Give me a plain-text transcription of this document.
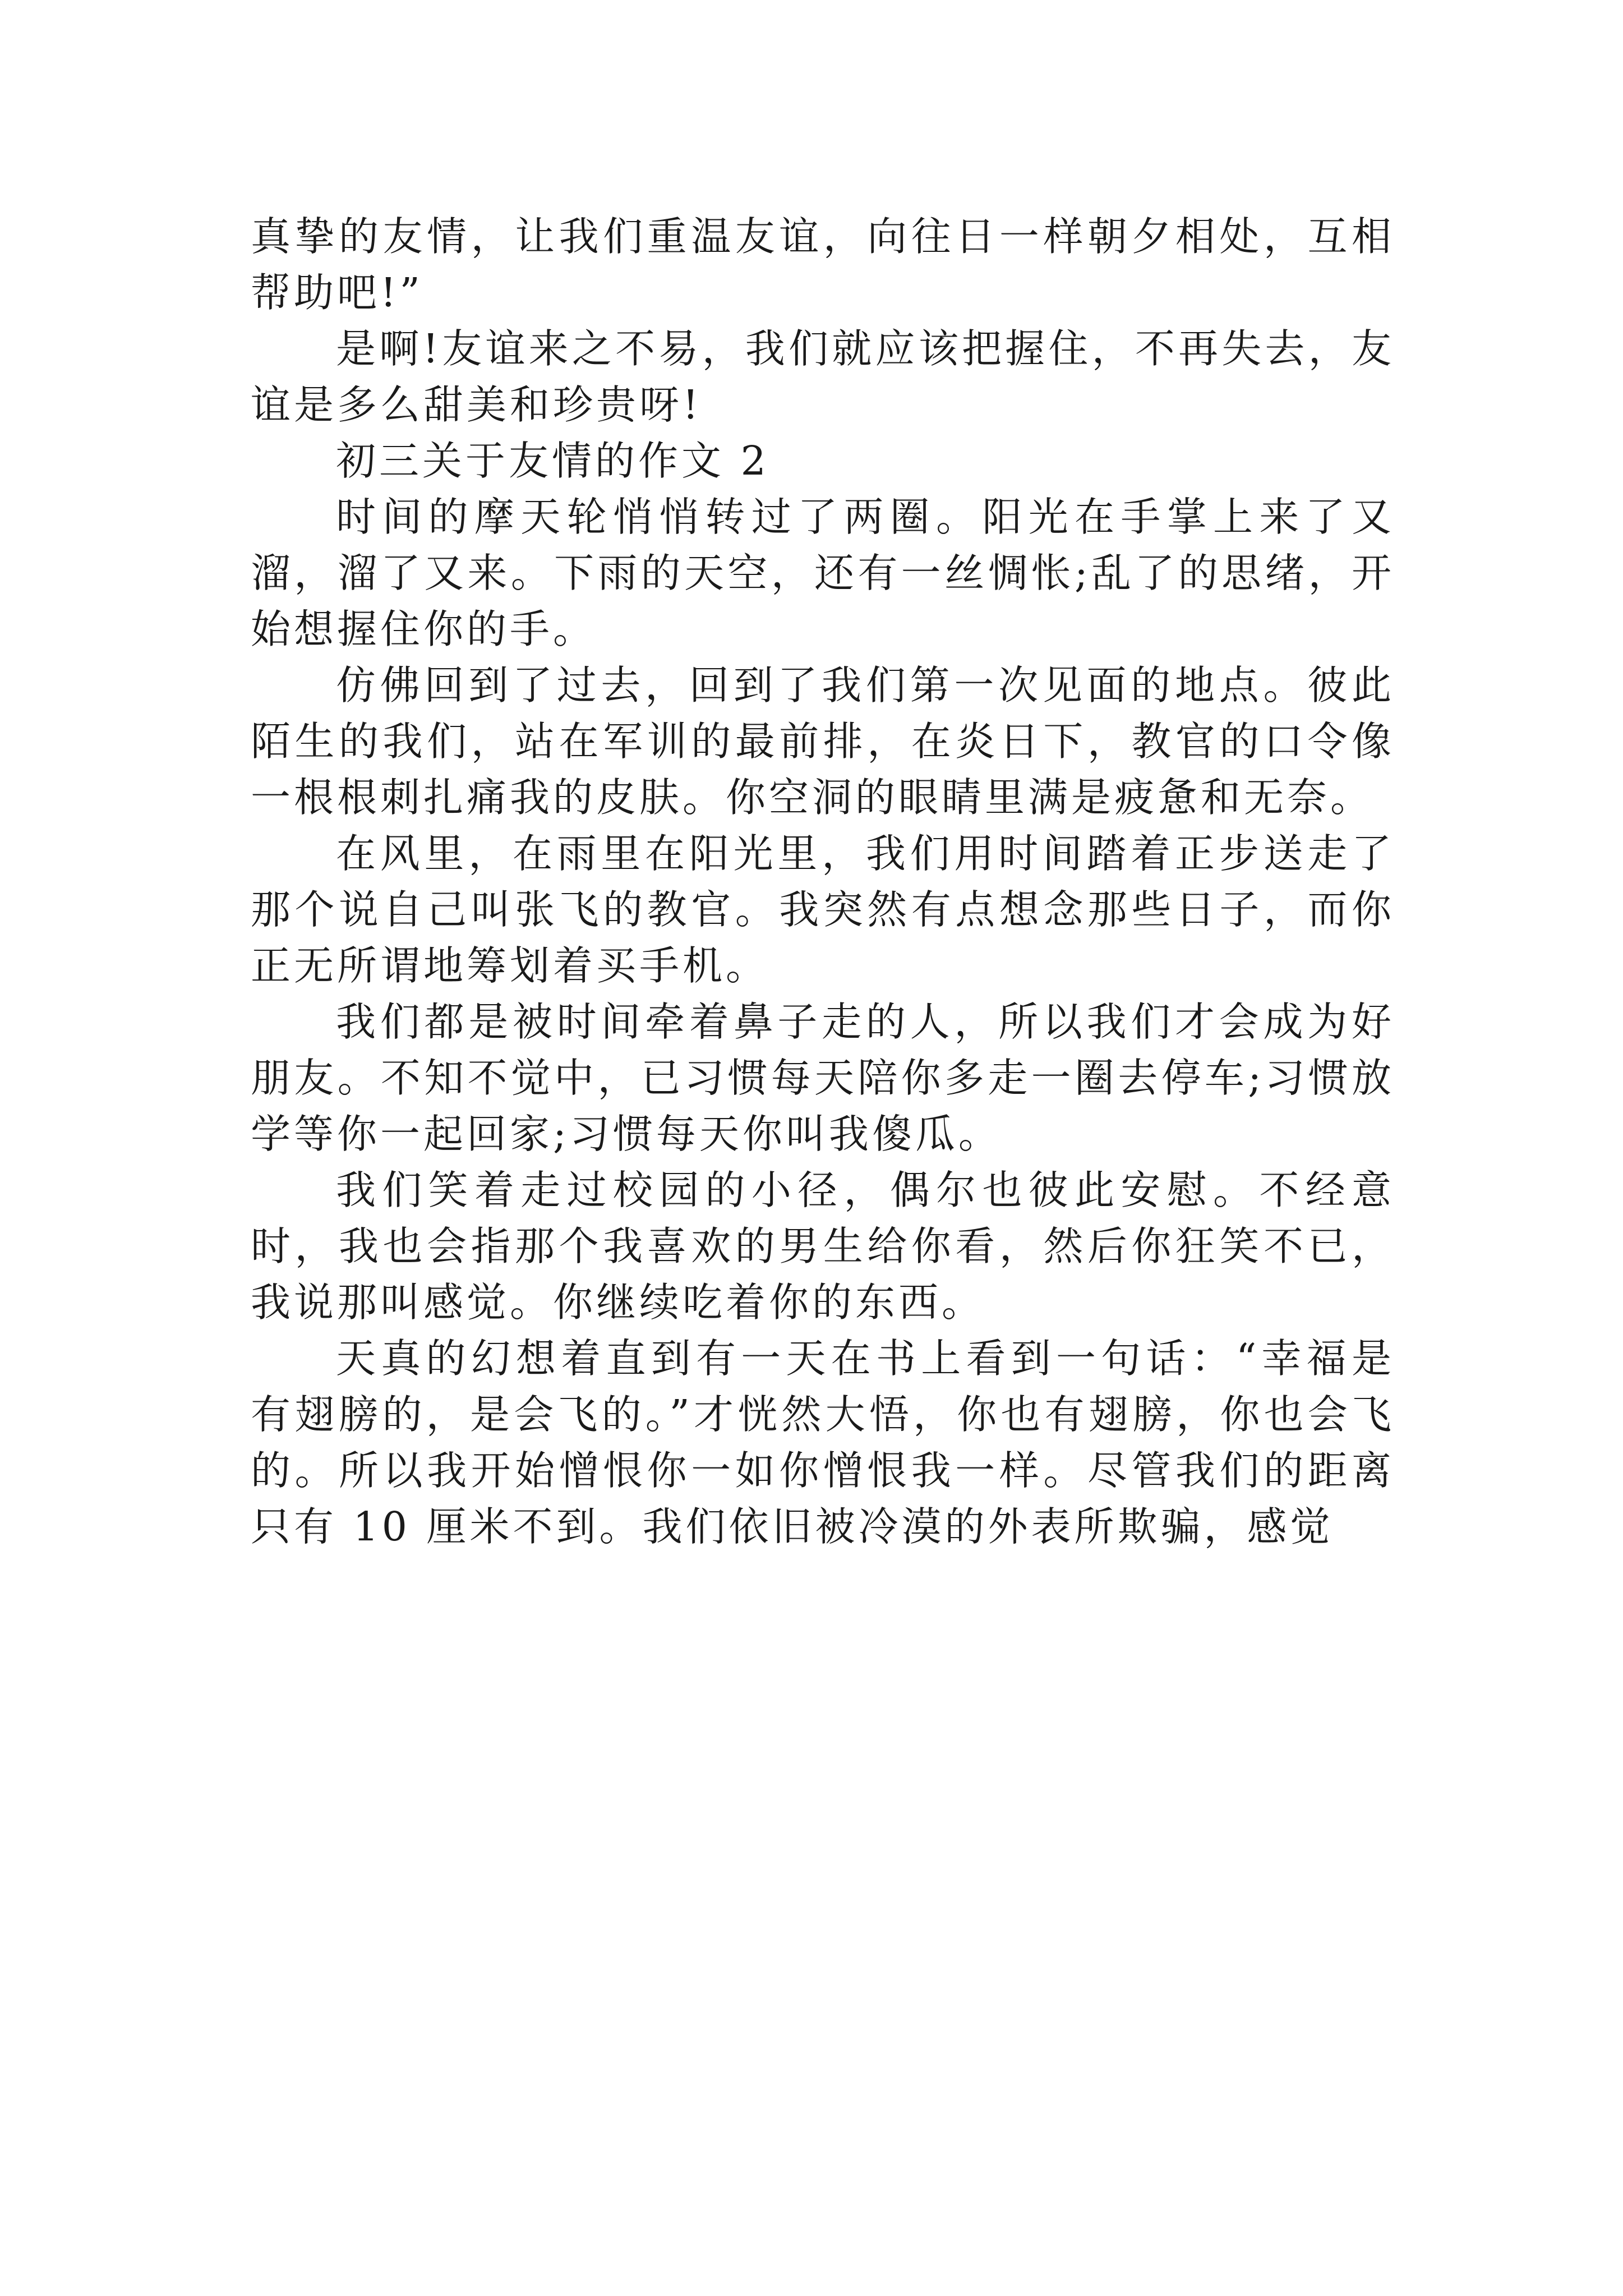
真挚的友情，让我们重温友谊，向往日一样朝夕相处，互相帮助吧!”

是啊!友谊来之不易，我们就应该把握住，不再失去，友谊是多么甜美和珍贵呀!

初三关于友情的作文 2

时间的摩天轮悄悄转过了两圈。阳光在手掌上来了又溜，溜了又来。下雨的天空，还有一丝惆怅;乱了的思绪，开始想握住你的手。

仿佛回到了过去，回到了我们第一次见面的地点。彼此陌生的我们，站在军训的最前排，在炎日下，教官的口令像一根根刺扎痛我的皮肤。你空洞的眼睛里满是疲惫和无奈。

在风里，在雨里在阳光里，我们用时间踏着正步送走了那个说自己叫张飞的教官。我突然有点想念那些日子，而你正无所谓地筹划着买手机。

我们都是被时间牵着鼻子走的人，所以我们才会成为好朋友。不知不觉中，已习惯每天陪你多走一圈去停车;习惯放学等你一起回家;习惯每天你叫我傻瓜。

我们笑着走过校园的小径，偶尔也彼此安慰。不经意时，我也会指那个我喜欢的男生给你看，然后你狂笑不已，我说那叫感觉。你继续吃着你的东西。

天真的幻想着直到有一天在书上看到一句话：“幸福是有翅膀的，是会飞的。”才恍然大悟，你也有翅膀，你也会飞的。所以我开始憎恨你一如你憎恨我一样。尽管我们的距离只有 10 厘米不到。我们依旧被冷漠的外表所欺骗，感觉
